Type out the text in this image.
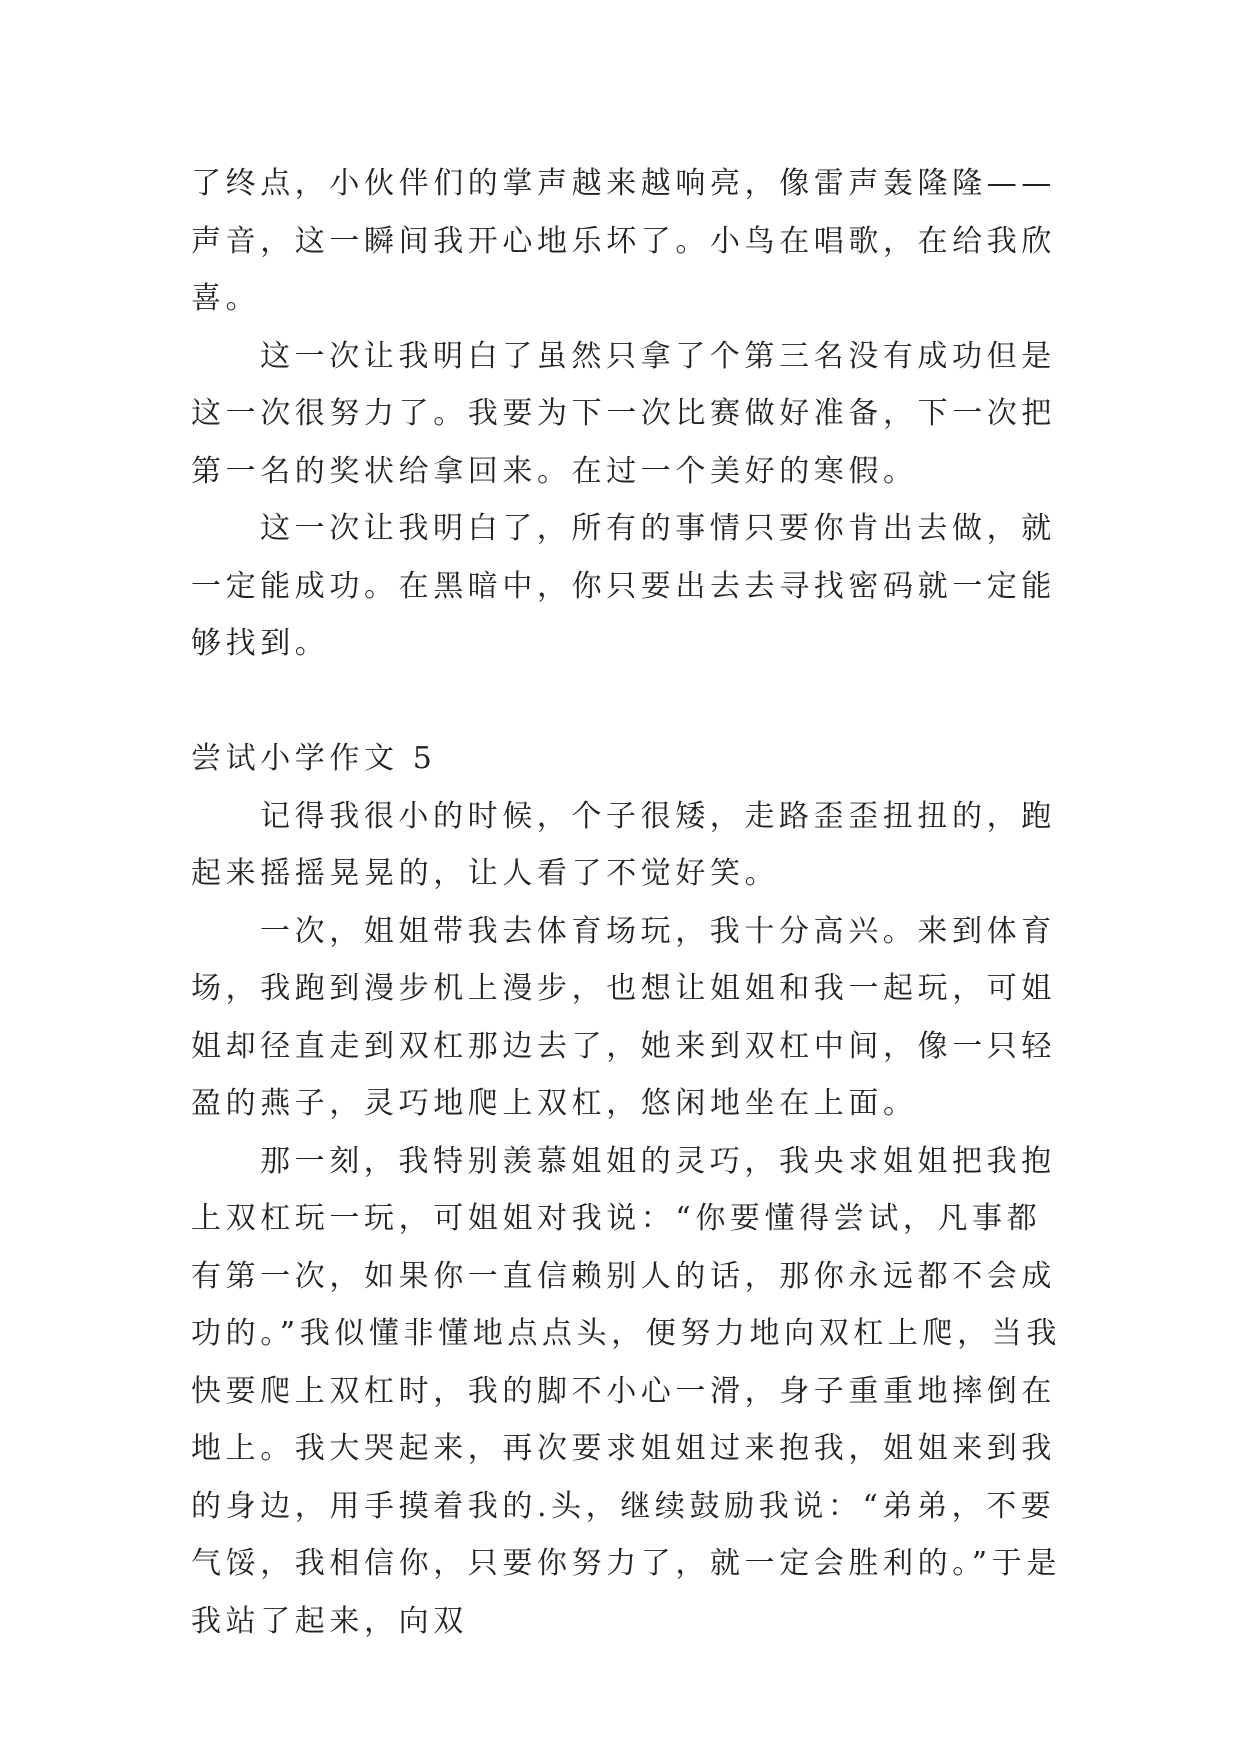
了终点，小伙伴们的掌声越来越响亮，像雷声轰隆隆——声音，这一瞬间我开心地乐坏了。小鸟在唱歌，在给我欣喜。

这一次让我明白了虽然只拿了个第三名没有成功但是这一次很努力了。我要为下一次比赛做好准备，下一次把第一名的奖状给拿回来。在过一个美好的寒假。

这一次让我明白了，所有的事情只要你肯出去做，就一定能成功。在黑暗中，你只要出去去寻找密码就一定能够找到。

尝试小学作文 5

记得我很小的时候，个子很矮，走路歪歪扭扭的，跑起来摇摇晃晃的，让人看了不觉好笑。

一次，姐姐带我去体育场玩，我十分高兴。来到体育场，我跑到漫步机上漫步，也想让姐姐和我一起玩，可姐姐却径直走到双杠那边去了，她来到双杠中间，像一只轻盈的燕子，灵巧地爬上双杠，悠闲地坐在上面。

那一刻，我特别羡慕姐姐的灵巧，我央求姐姐把我抱上双杠玩一玩，可姐姐对我说：“你要懂得尝试，凡事都有第一次，如果你一直信赖别人的话，那你永远都不会成功的。”我似懂非懂地点点头，便努力地向双杠上爬，当我快要爬上双杠时，我的脚不小心一滑，身子重重地摔倒在地上。我大哭起来，再次要求姐姐过来抱我，姐姐来到我的身边，用手摸着我的.头，继续鼓励我说：“弟弟，不要气馁，我相信你，只要你努力了，就一定会胜利的。”于是我站了起来，向双
